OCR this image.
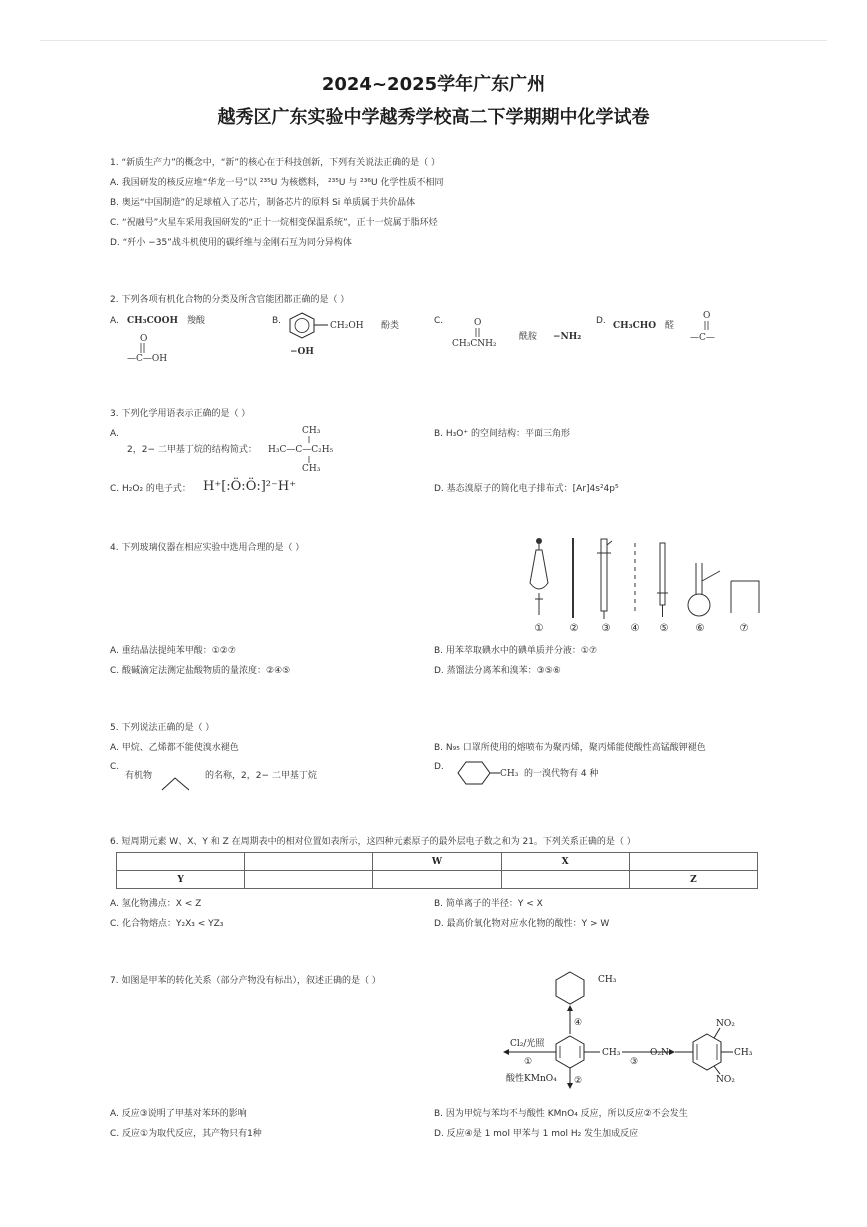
2024~2025学年广东广州
越秀区广东实验中学越秀学校高二下学期期中化学试卷
1. “新质生产力”的概念中，“新”的核心在于科技创新，下列有关说法正确的是（ ）
A. 我国研发的核反应堆“华龙一号”以 ²³⁵U 为核燃料， ²³⁵U 与 ²³⁶U 化学性质不相同
B. 奥运“中国制造”的足球植入了芯片，制备芯片的原料 Si 单质属于共价晶体
C. “祝融号”火星车采用我国研发的“正十一烷相变保温系统”，正十一烷属于脂环烃
D. “歼小 −35”战斗机使用的碳纤维与金刚石互为同分异构体
2. 下列各项有机化合物的分类及所含官能团都正确的是（ ）
A. CH₃COOH 羧酸
O
—C—OH
B.	CH₂OH 酚类
−OH
C.	O
CH₃CNH₂
酰胺 −NH₂
D. CH₃CHO 醛
O
—C—
3. 下列化学用语表示正确的是（ ）
A.
2，2− 二甲基丁烷的结构简式：
CH₃
H₃C—C—C₂H₅
CH₃
B. H₃O⁺ 的空间结构：平面三角形
C. H₂O₂ 的电子式： H⁺[:Ö:Ö:]²⁻H⁺	D. 基态溴原子的简化电子排布式：[Ar]4s²4p⁵
4. 下列玻璃仪器在相应实验中选用合理的是（ ）
①	② ③ ④ ⑤	⑥	⑦
A. 重结晶法提纯苯甲酸：①②⑦	B. 用苯萃取碘水中的碘单质并分液：①⑦
C. 酸碱滴定法测定盐酸物质的量浓度：②④⑤	D. 蒸馏法分离苯和溴苯：③⑤⑥
5. 下列说法正确的是（ ）
A. 甲烷、乙烯都不能使溴水褪色	B. N₉₅ 口罩所使用的熔喷布为聚丙烯，聚丙烯能使酸性高锰酸钾褪色
C.
有机物	的名称，2，2− 二甲基丁烷
D.
CH₃ 的一溴代物有 4 种
6. 短周期元素 W、X、Y 和 Z 在周期表中的相对位置如表所示，这四种元素原子的最外层电子数之和为 21。下列关系正确的是（ ）
		W	X	
Y				Z
A. 氢化物沸点：X < Z	B. 简单离子的半径：Y < X
C. 化合物熔点：Y₂X₃ < YZ₃	D. 最高价氧化物对应水化物的酸性：Y > W
7. 如图是甲苯的转化关系（部分产物没有标出），叙述正确的是（ ）	CH₃
④
CH₃
Cl₂/光照
①	③
O₂N	CH₃
NO₂
NO₂
酸性KMnO₄ ②
A. 反应③说明了甲基对苯环的影响	B. 因为甲烷与苯均不与酸性 KMnO₄ 反应，所以反应②不会发生
C. 反应①为取代反应，其产物只有1种	D. 反应④是 1 mol 甲苯与 1 mol H₂ 发生加成反应
